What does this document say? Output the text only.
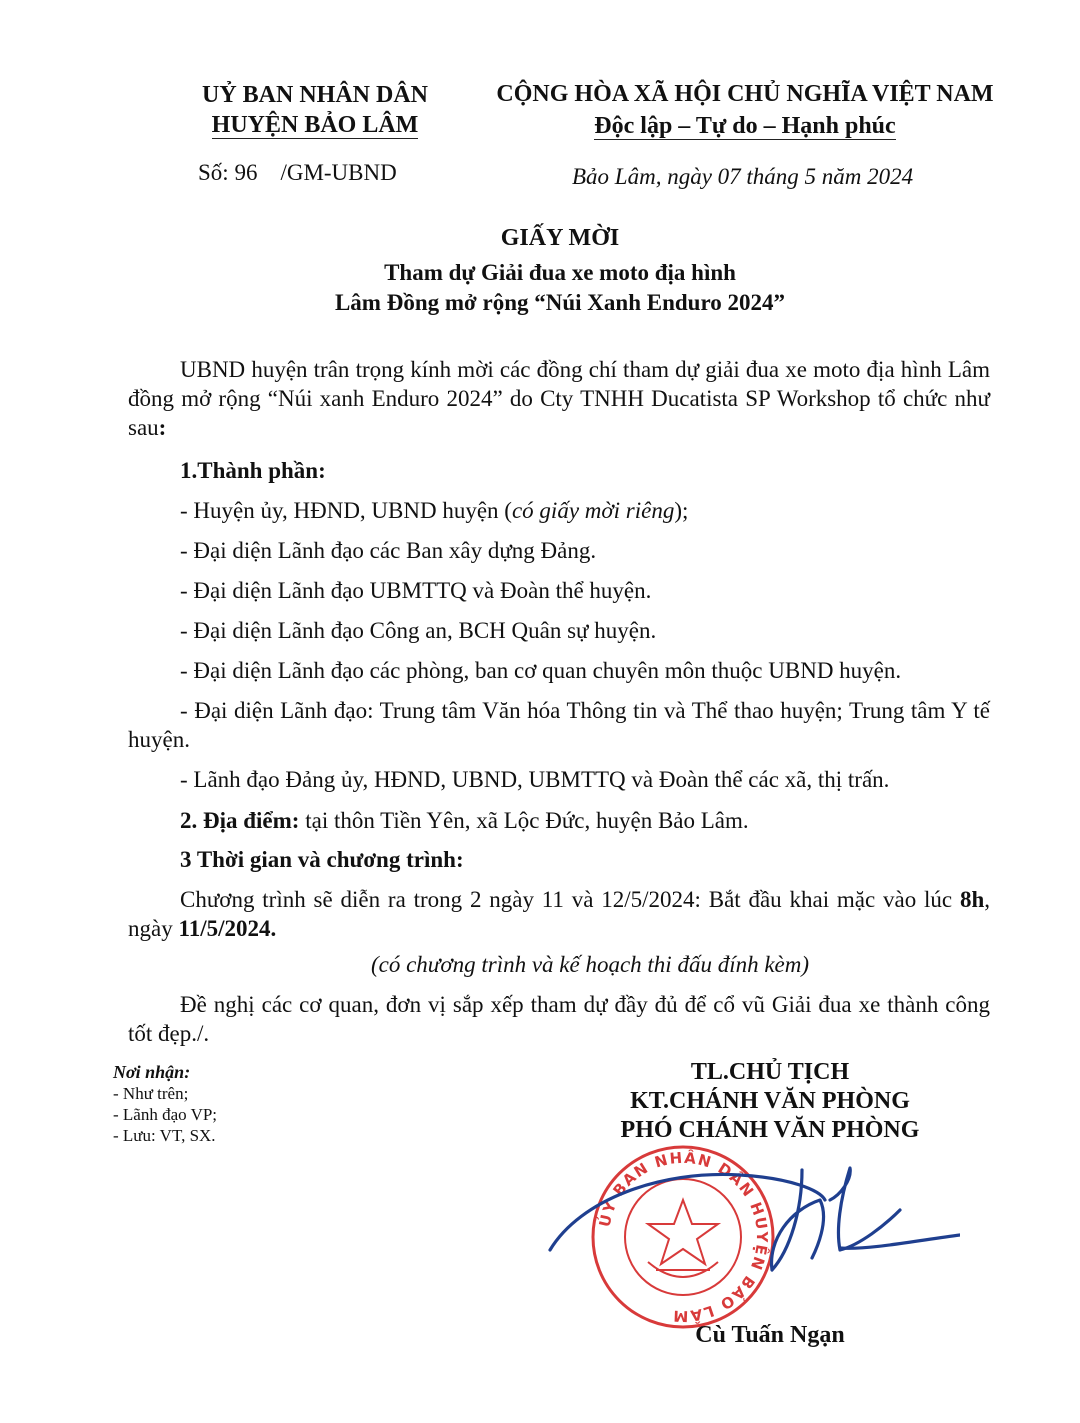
UỶ BAN NHÂN DÂN
HUYỆN BẢO LÂM
CỘNG HÒA XÃ HỘI CHỦ NGHĨA VIỆT NAM
Độc lập – Tự do – Hạnh phúc
Số: 96 /GM-UBND	Bảo Lâm, ngày 07 tháng 5 năm 2024
GIẤY MỜI
Tham dự Giải đua xe moto địa hình
Lâm Đồng mở rộng “Núi Xanh Enduro 2024”
UBND huyện trân trọng kính mời các đồng chí tham dự giải đua xe moto địa hình Lâm đồng mở rộng “Núi xanh Enduro 2024” do Cty TNHH Ducatista SP Workshop tổ chức như sau:
1.Thành phần:
- Huyện ủy, HĐND, UBND huyện (có giấy mời riêng);
- Đại diện Lãnh đạo các Ban xây dựng Đảng.
- Đại diện Lãnh đạo UBMTTQ và Đoàn thể huyện.
- Đại diện Lãnh đạo Công an, BCH Quân sự huyện.
- Đại diện Lãnh đạo các phòng, ban cơ quan chuyên môn thuộc UBND huyện.
- Đại diện Lãnh đạo: Trung tâm Văn hóa Thông tin và Thể thao huyện; Trung tâm Y tế huyện.
- Lãnh đạo Đảng ủy, HĐND, UBND, UBMTTQ và Đoàn thể các xã, thị trấn.
2. Địa điểm: tại thôn Tiền Yên, xã Lộc Đức, huyện Bảo Lâm.
3 Thời gian và chương trình:
Chương trình sẽ diễn ra trong 2 ngày 11 và 12/5/2024: Bắt đầu khai mặc vào lúc 8h, ngày 11/5/2024.
(có chương trình và kế hoạch thi đấu đính kèm)
Đề nghị các cơ quan, đơn vị sắp xếp tham dự đầy đủ để cổ vũ Giải đua xe thành công tốt đẹp./.
Nơi nhận:
- Như trên;
- Lãnh đạo VP;
- Lưu: VT, SX.
TL.CHỦ TỊCH
KT.CHÁNH VĂN PHÒNG
PHÓ CHÁNH VĂN PHÒNG
ỦY BAN NHÂN DÂN HUYỆN BẢO LÂM
Cù Tuấn Ngạn
